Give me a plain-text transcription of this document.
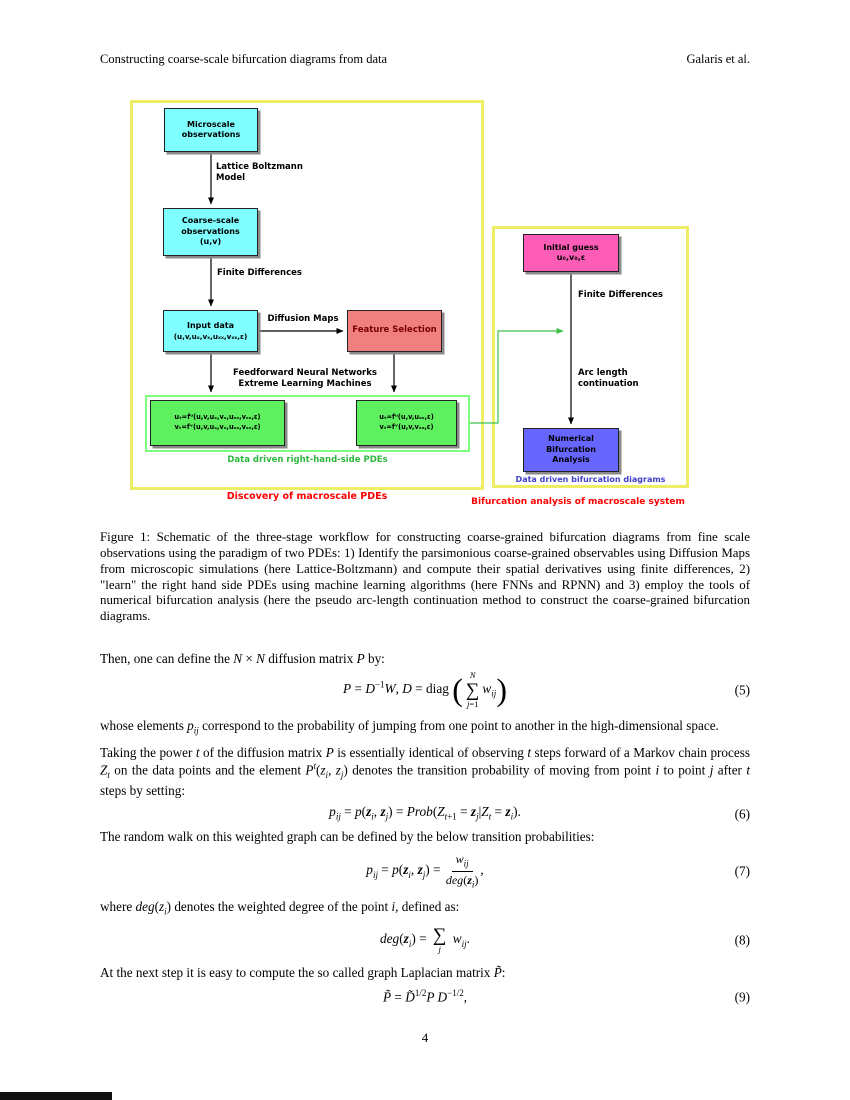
Constructing coarse-scale bifurcation diagrams from data	Galaris et al.
Microscale
observations
Lattice Boltzmann
Model
Coarse-scale
observations
(u,v)
Finite Differences
Input data
(u,v,uₓ,vₓ,uₓₓ,vₓₓ,ε)
Diffusion Maps
Feature Selection
Feedforward Neural Networks
Extreme Learning Machines
uₜ=fᵘ(u,v,uₓ,vₓ,uₓₓ,vₓₓ,ε)
vₜ=fᵛ(u,v,uₓ,vₓ,uₓₓ,vₓₓ,ε)
uₜ=fᵘ(u,v,uₓₓ,ε)
vₜ=fᵛ(u,v,vₓₓ,ε)
Data driven right-hand-side PDEs
Discovery of macroscale PDEs
Initial guess
u₀,v₀,ε
Finite Differences
Arc length continuation
Numerical
Bifurcation
Analysis
Data driven bifurcation diagrams
Bifurcation analysis of macroscale system
Figure 1: Schematic of the three-stage workflow for constructing coarse-grained bifurcation diagrams from fine scale observations using the paradigm of two PDEs: 1) Identify the parsimonious coarse-grained observables using Diffusion Maps from microscopic simulations (here Lattice-Boltzmann) and compute their spatial derivatives using finite differences, 2) "learn" the right hand side PDEs using machine learning algorithms (here FNNs and RPNN) and 3) employ the tools of numerical bifurcation analysis (here the pseudo arc-length continuation method to construct the coarse-grained bifurcation diagrams.

Then, one can define the N × N diffusion matrix P by:

$P = D^{-1}W$, D = diag ( N
∑
j=1
$w_{ij}$)	(5)

whose elements $p_{ij}$ correspond to the probability of jumping from one point to another in the high-dimensional space.

Taking the power t of the diffusion matrix P is essentially identical of observing t steps forward of a Markov chain process $Z_t$ on the data points and the element $P^t(z_i$, $z_j$) denotes the transition probability of moving from point i to point j after t steps by setting:

$p_{ij} = p(z_i$, $z_j$) = $Prob(Z_{t+1} = z_j|Z_t = z_i)$.	(6)

The random walk on this weighted graph can be defined by the below transition probabilities:

$p_{ij} = p(z_i$, $z_j) = \frac{w_{ij}}{deg(z_i)}$ ,	(7)

where $deg(z_i)$ denotes the weighted degree of the point i, defined as:

$deg(z_i)$ = ∑
j
$w_{ij}$.	(8)

At the next step it is easy to compute the so called graph Laplacian matrix P̃:

P̃ = D̃$^{1/2}$P $D^{-1/2}$,	(9)
4
